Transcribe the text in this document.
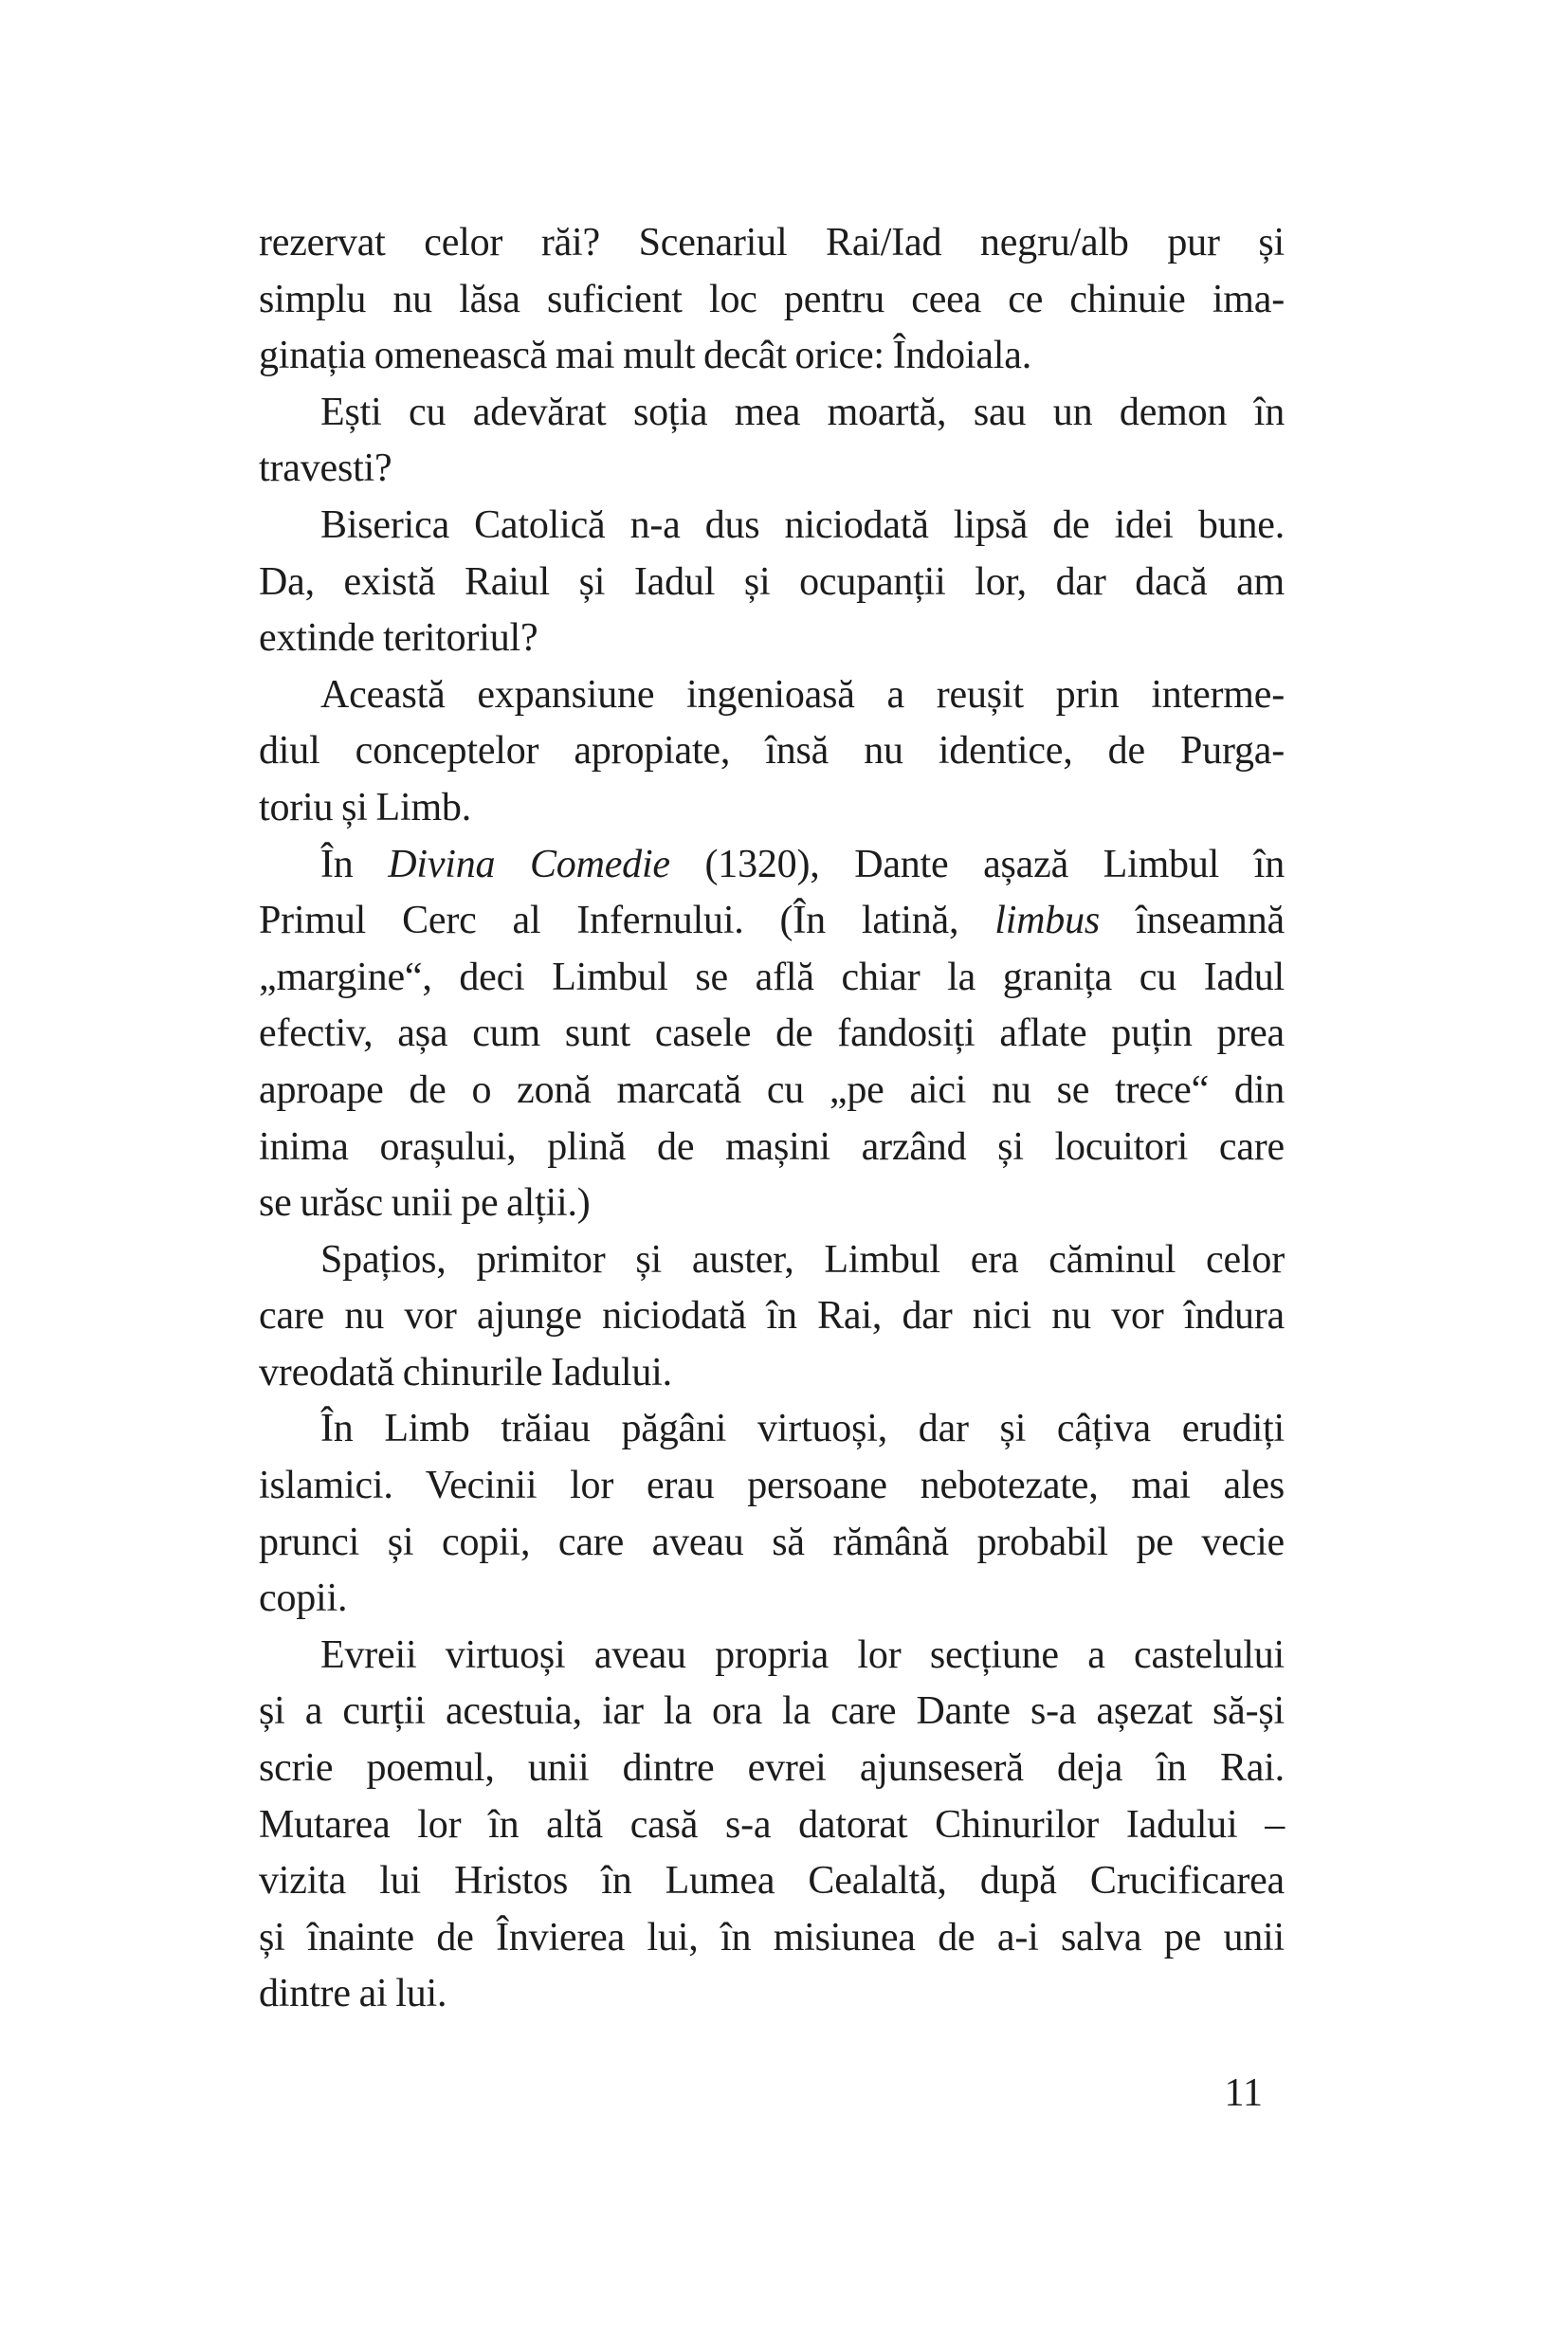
rezervat celor răi? Scenariul Rai/Iad negru/alb pur și
simplu nu lăsa suficient loc pentru ceea ce chinuie ima-
ginația omenească mai mult decât orice: Îndoiala.
Ești cu adevărat soția mea moartă, sau un demon în
travesti?
Biserica Catolică n-a dus niciodată lipsă de idei bune.
Da, există Raiul și Iadul și ocupanții lor, dar dacă am
extinde teritoriul?
Această expansiune ingenioasă a reușit prin interme-
diul conceptelor apropiate, însă nu identice, de Purga-
toriu și Limb.
În Divina Comedie (1320), Dante așază Limbul în
Primul Cerc al Infernului. (În latină, limbus înseamnă
„margine“, deci Limbul se află chiar la granița cu Iadul
efectiv, așa cum sunt casele de fandosiți aflate puțin prea
aproape de o zonă marcată cu „pe aici nu se trece“ din
inima orașului, plină de mașini arzând și locuitori care
se urăsc unii pe alții.)
Spațios, primitor și auster, Limbul era căminul celor
care nu vor ajunge niciodată în Rai, dar nici nu vor îndura
vreodată chinurile Iadului.
În Limb trăiau păgâni virtuoși, dar și câțiva erudiți
islamici. Vecinii lor erau persoane nebotezate, mai ales
prunci și copii, care aveau să rămână probabil pe vecie
copii.
Evreii virtuoși aveau propria lor secțiune a castelului
și a curții acestuia, iar la ora la care Dante s-a așezat să-și
scrie poemul, unii dintre evrei ajunseseră deja în Rai.
Mutarea lor în altă casă s-a datorat Chinurilor Iadului –
vizita lui Hristos în Lumea Cealaltă, după Crucificarea
și înainte de Învierea lui, în misiunea de a-i salva pe unii
dintre ai lui.
11
